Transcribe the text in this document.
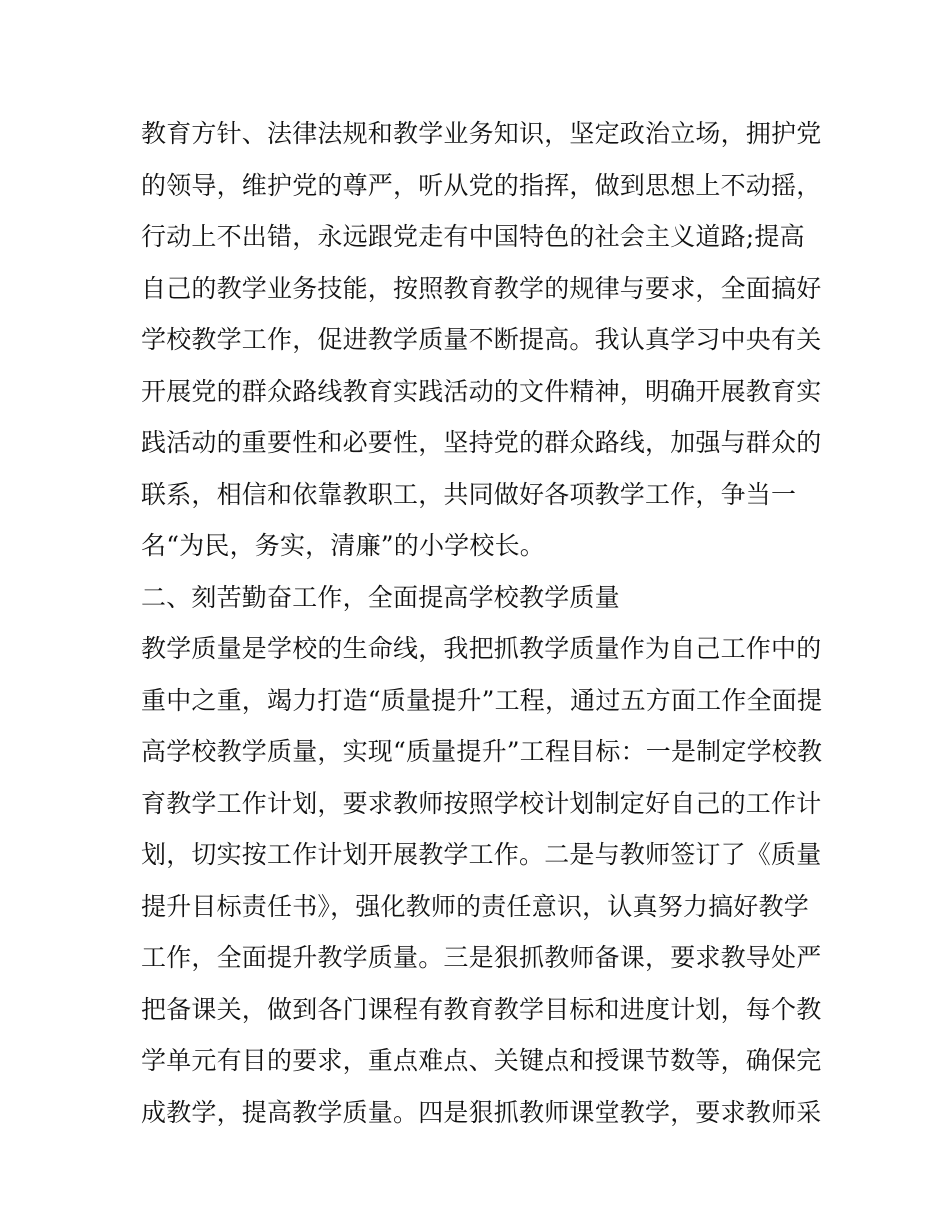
教育方针、法律法规和教学业务知识，坚定政治立场，拥护党
的领导，维护党的尊严，听从党的指挥，做到思想上不动摇，
行动上不出错，永远跟党走有中国特色的社会主义道路;提高
自己的教学业务技能，按照教育教学的规律与要求，全面搞好
学校教学工作，促进教学质量不断提高。我认真学习中央有关
开展党的群众路线教育实践活动的文件精神，明确开展教育实
践活动的重要性和必要性，坚持党的群众路线，加强与群众的
联系，相信和依靠教职工，共同做好各项教学工作，争当一
名“为民，务实，清廉”的小学校长。
二、刻苦勤奋工作，全面提高学校教学质量
教学质量是学校的生命线，我把抓教学质量作为自己工作中的
重中之重，竭力打造“质量提升”工程，通过五方面工作全面提
高学校教学质量，实现“质量提升”工程目标：一是制定学校教
育教学工作计划，要求教师按照学校计划制定好自己的工作计
划，切实按工作计划开展教学工作。二是与教师签订了《质量
提升目标责任书》，强化教师的责任意识，认真努力搞好教学
工作，全面提升教学质量。三是狠抓教师备课，要求教导处严
把备课关，做到各门课程有教育教学目标和进度计划，每个教
学单元有目的要求，重点难点、关键点和授课节数等，确保完
成教学，提高教学质量。四是狠抓教师课堂教学，要求教师采
